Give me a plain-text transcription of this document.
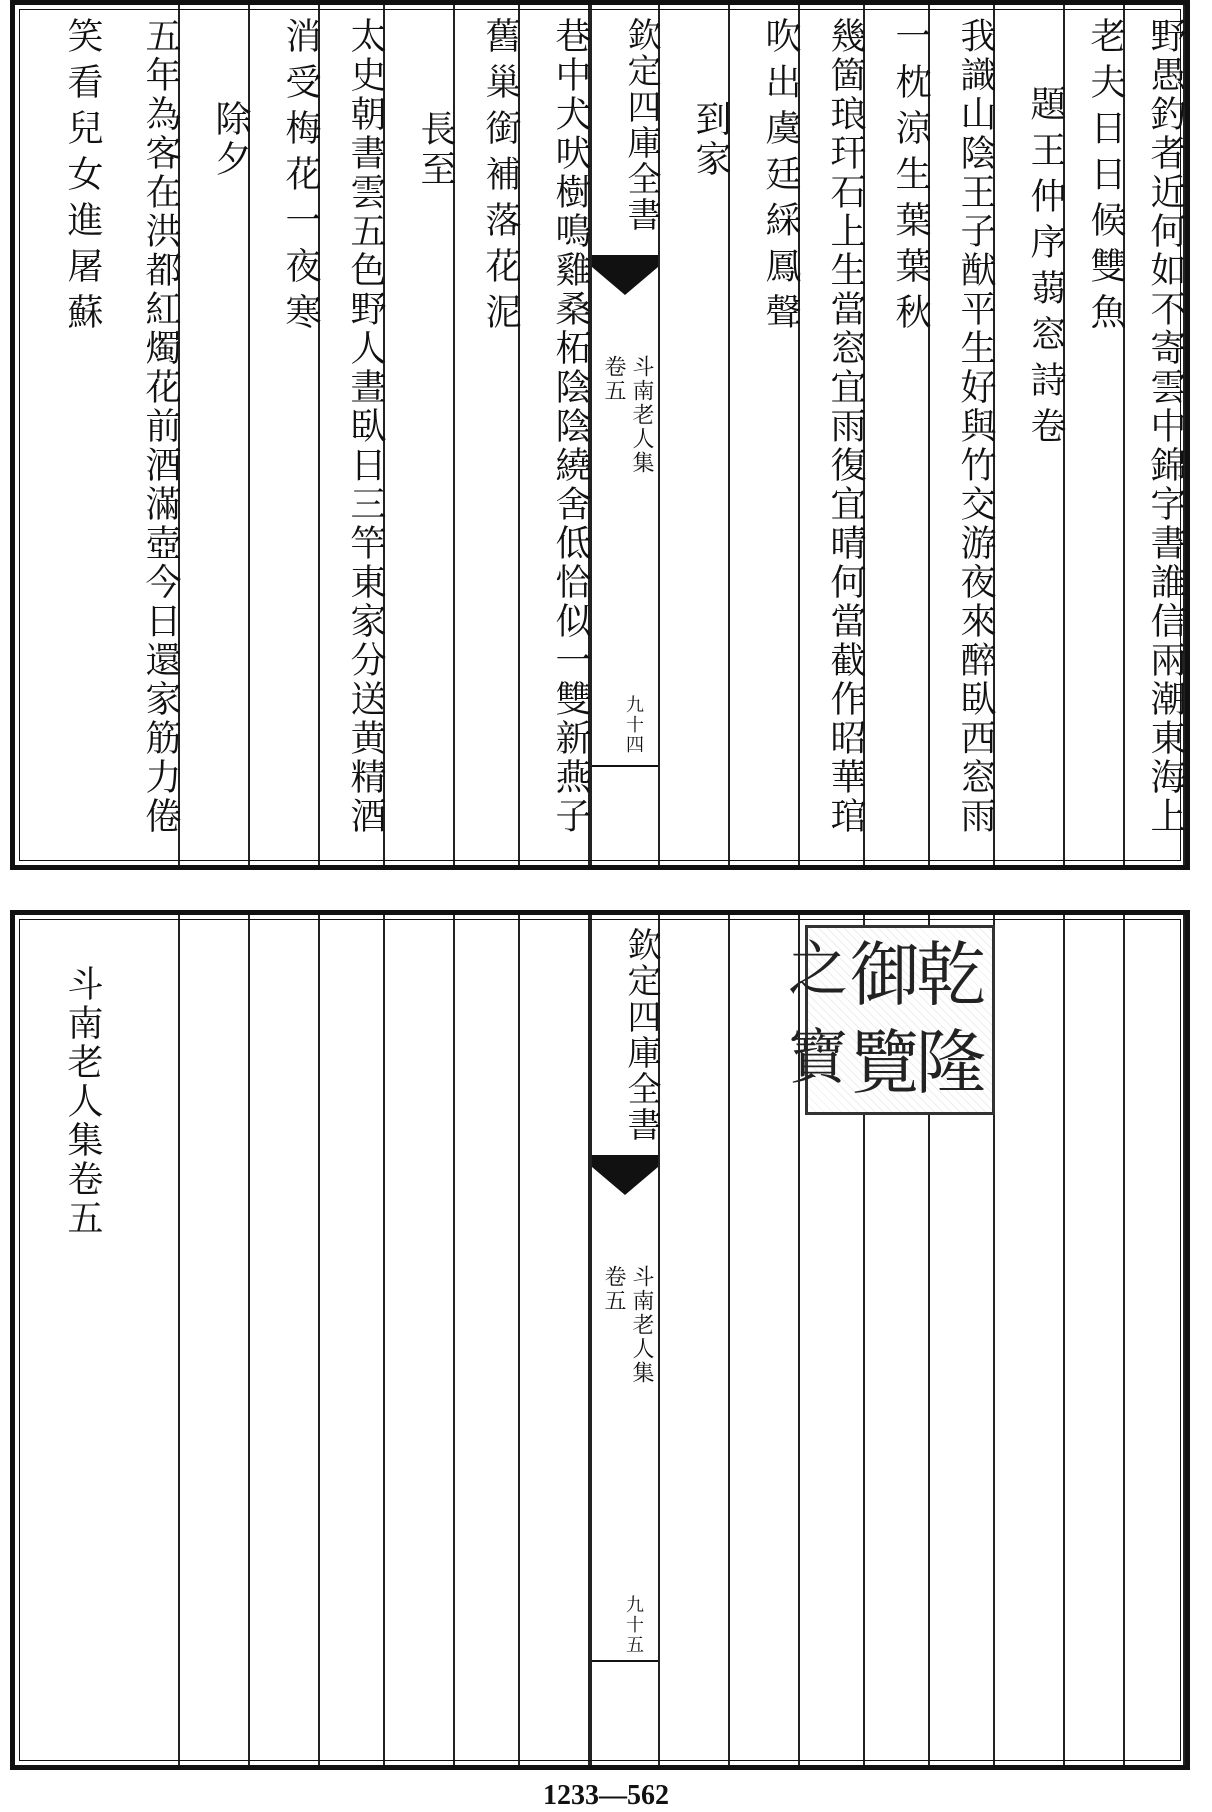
野愚釣者近何如不寄雲中錦字書誰信兩潮東海上
老夫日日候雙魚
題王仲序蒻窓詩卷
我識山陰王子猷平生好與竹交游夜來醉臥西窓雨
一枕涼生葉葉秋
幾箇琅玕石上生當窓宜雨復宜晴何當截作昭華琯
吹出虞廷綵鳳聲
到家
欽定四庫全書
斗南老人集
卷五
九十四
巷中犬吠樹鳴雞桑柘陰陰繞舍低恰似一雙新燕子
舊巢銜補落花泥
長至
太史朝書雲五色野人晝臥日三竿東家分送黄精酒
消受梅花一夜寒
除夕
五年為客在洪都紅燭花前酒滿壺今日還家筋力倦
笑看兒女進屠蘇
乾
隆
御
覽
之
寶
欽定四庫全書
斗南老人集
卷五
九十五
斗南老人集卷五
1233—562
